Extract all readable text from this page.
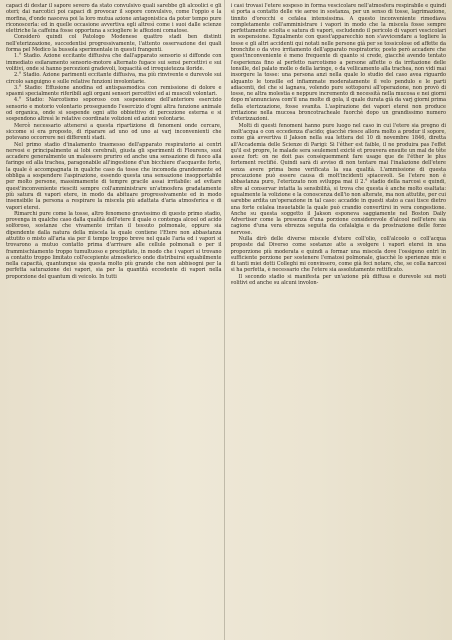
capaci di destar il sapore severo da stato convulsivo quali sarebbe gli alcoolici e gli oteri; dai narcotici poi capaci di provocar il sopore convulsivo, come l'oppio e la morfina, d'onde nasceva poi la loro mutua azione antagonistica da poter tempo pure riconoscerla: ed in quelle occasione avvertiva egli altresì come i suoi dalle scienze elettriche la caffeina fosse opportuna a sciogliere le affezioni comatose.

Considerò quindi col Patologo Modenese quattro stadi ben distinti nell'eterizzazione, succedentisi progressivamente, l'attento osservazione dei quali forma pel Medico la bussola sperimentale in questi frangenti.

1.° Stadio. Azione eccitante diffusiva che dall'apparato sensorio si diffonde con immediato esilaramento sensorio-motore alternato fugace sui sensi percettivi e sui volitivi, onde si hanno percezioni gradevoli, loquacità ed irrequietezza iloride.

2.° Stadio. Azione parimenti eccitante diffusiva, ma più rinvivente e durevole sui circolo sanguigno e sulle relative funzioni involontarie.

3.° Stadio: Effusione anodina ed antispasmodica con remissione di dolore e spasmi specialmente riferibili agli organi sensori percettivi ed ai muscoli volontari.

4.° Stadio: Narcotismo soporoso con sospensione dell'anteriore esercizio sensorio e motorio volontario proseguendo l'esercizio d'ogni altra funzione animale od organica, onde si sospende ogni atto obbiettivo di percezione esterna e si sospendono altresì le relative coordinate volizioni ed azioni volontarie.

Mercè necessario attenersi a questa ripartizione di fenomeni onde cercare, siccome si era proposto, di riparare ad uno od uno ai varj inconvenienti che potevano occorrere nei differenti stadi.

Nel primo stadio d'inalamento trasmesso dell'apparato respiratorio ai centri nervosi e principalmente ai lobi cerebrali, giusta gli sperimenti di Flourens, suol accadere generalmente un malessere pruriro ed anche una sensazione di fuoco alla faringe ed alla trachea, paragonabile all'ingestione d'un bicchiere d'acquavite forte, la quale è accompagnata in qualche caso da tosse che incomoda grandemente ed obbliga a sospendere l'aspirazione, essendo questa una sensazione insopportabile per molto persone, massimamente di tempre gracile assai irritabile: ad evitare quest'inconveniente riesciti sempre coll'amministrare un'atmosfera gradatamente più satura di vapori etere, in modo da abituare progressivamente ed in modo insensibile la persona a respirare la miscela più adattata d'aria atmosferica e di vapori eterei.

Rimarchi pure come la tosse, altro fenomeno gravissimo di questo primo stadio, provenga in qualche caso dalla qualità dell'etere il quale o contenga alcool od acido solforoso, sostanze che vivamente irritan il tessuto polmonale, oppure sia dipendente dalla natura della miscela la quale contiene l'Etere non abbastanza attutito o misto all'aria sia per il tempo troppo breve nel quale l'aria ed i vapori si trovarono a mutuo contatto prima d'arrivare alle cellule polmonali o per il frammischiamento troppo tumultuoso e precipitato, in modo che i vapori si trovano a contatto troppo limitato coll'ecepiente atmosferico onde distribuirsi equabilmente nella capacità, quantunque sia questa molto più grande che non abbisogni per la perfetta saturazione dei vapori, sia per la quantità eccedente di vapori nella proporzione del quantum di veicolo. In tutti

i casi trovasi l'etere sospeso in forma vescicolare nell'atmosfera respirabile e quindi si porta a contatto delle vie aeree in sostanza, per un senso di tosse, lagrimazione, tinnito d'orecchi e cefalea intensissima. A questo inconveniente rimediava completamente coll'amministrare i vapori in modo che la miscela fosse sempre perfettamente sciolta e satura di vapori, escludendo il pericolo di vapori vescicolari in sospensione. Egualmente con quest'apparecchio non s'avvicendare a togliere la tosse e gli altri accidenti qui notati nelle persone già per se tossicolose od affette da bronchite o da vivo irritamento dell'apparato respiratorio; posto però accadere che quest'inconveniente è meno frequente di quanto si crede, giacchè avendo tentato l'esperienza fino al perfetto narcotismo a persone affette o da irritazione delle tonsille, del palato molle o della laringe, o da vellicamento alla trachea, non vidi mai insorgere la tosse: una persona anzi nella quale lo studio del caso avea riguardo alquanto le tonsille ed infiammate moderatamente il velo pendulo e le parti adiacenti, del che si lagnava, volendo pure sottoporsi all'operazione, non provò di tosse, ne altra molestia e neppure incremento di necessità nella mucosa e nei giorni dopo m'annunciava com'il una molte di gola, il quale durata già da varj giorni prima della eterizzazione, fosse svanita. L'aspirazione dei vapori eterei non produce irritazione nella mucosa broncotracheale fuorchè dopo un grandissimo numero d'eterizzazioni.

Molti di questi fenomeni hanno pure luogo nel caso in cui l'etere sia pregno di molt'acqua o con eccedenza d'acido; giacchè riesce allora molto a produr il sopore, come già avvertiva il Jakson nella sua lettera del 10 di novembre 1846, diretta all'Accademia delle Scienze di Parigi: Si l'éther est faible, il ne produira pas l'effet qu'il est propre, le malade sera seulement exicté et prouvera ensuite un mal de tête assez fort: on ne doit pas conséquemment fare usage que de l'éther le plus fortement rectifié. Quindi sarà di avviso di non tentare mai l'inalazione dell'etere senza avere prima bene verificata la sua qualità. L'ammissione di questa precauzione può essere causa di molt'incidenti spiacevoli. Se l'etere non è abbastanza puro, l'eterizzato non sviluppa mai il 2.° stadio della narcosi e quindi, oltre al conservar intatta la sensibilità, si trova che questa è anche molto esaltata: egualmente la volizione e la conoscenza dell'io non alterate, ma non attutite, per cui sarebbe ardita un'operazione in tal caso: accadde in questi stato a casi tisce dietro una forte celalea insuetabile la quale può crandio convertirsi in vera congestione. Anche su questa soggetto il Jakson esponeva saggiamente nel Boston Daily Advertiser come la presenza d'una porzione considerevole d'alcool nell'etere sia cagione d'una vera ebrezza seguita da cefalalgia e da prostrazione delle forze nervose.

Nulla dirò delle diverse miscele d'etere coll'olio, coll'alcoolo o coll'acqua proposte dal Diverso come sostanze atte a svolgere i vapori eterei in una proporzione più moderata e quindi a formar una miscela dove l'ossigeno entri in sufficiente porzione per sostenere l'ematosi polmonale, giacchè lo sperienze mie e di tanti miei dotti Colleghi mi convinsero, come già feci notare, che, se colla narcosi si ha perfetta, è necessario che l'etere sia assolutamente rettificato.

Il secondo stadio si manifesta per un'azione più diffusa e durevole sui moti volitivi ed anche su alcuni involon-
